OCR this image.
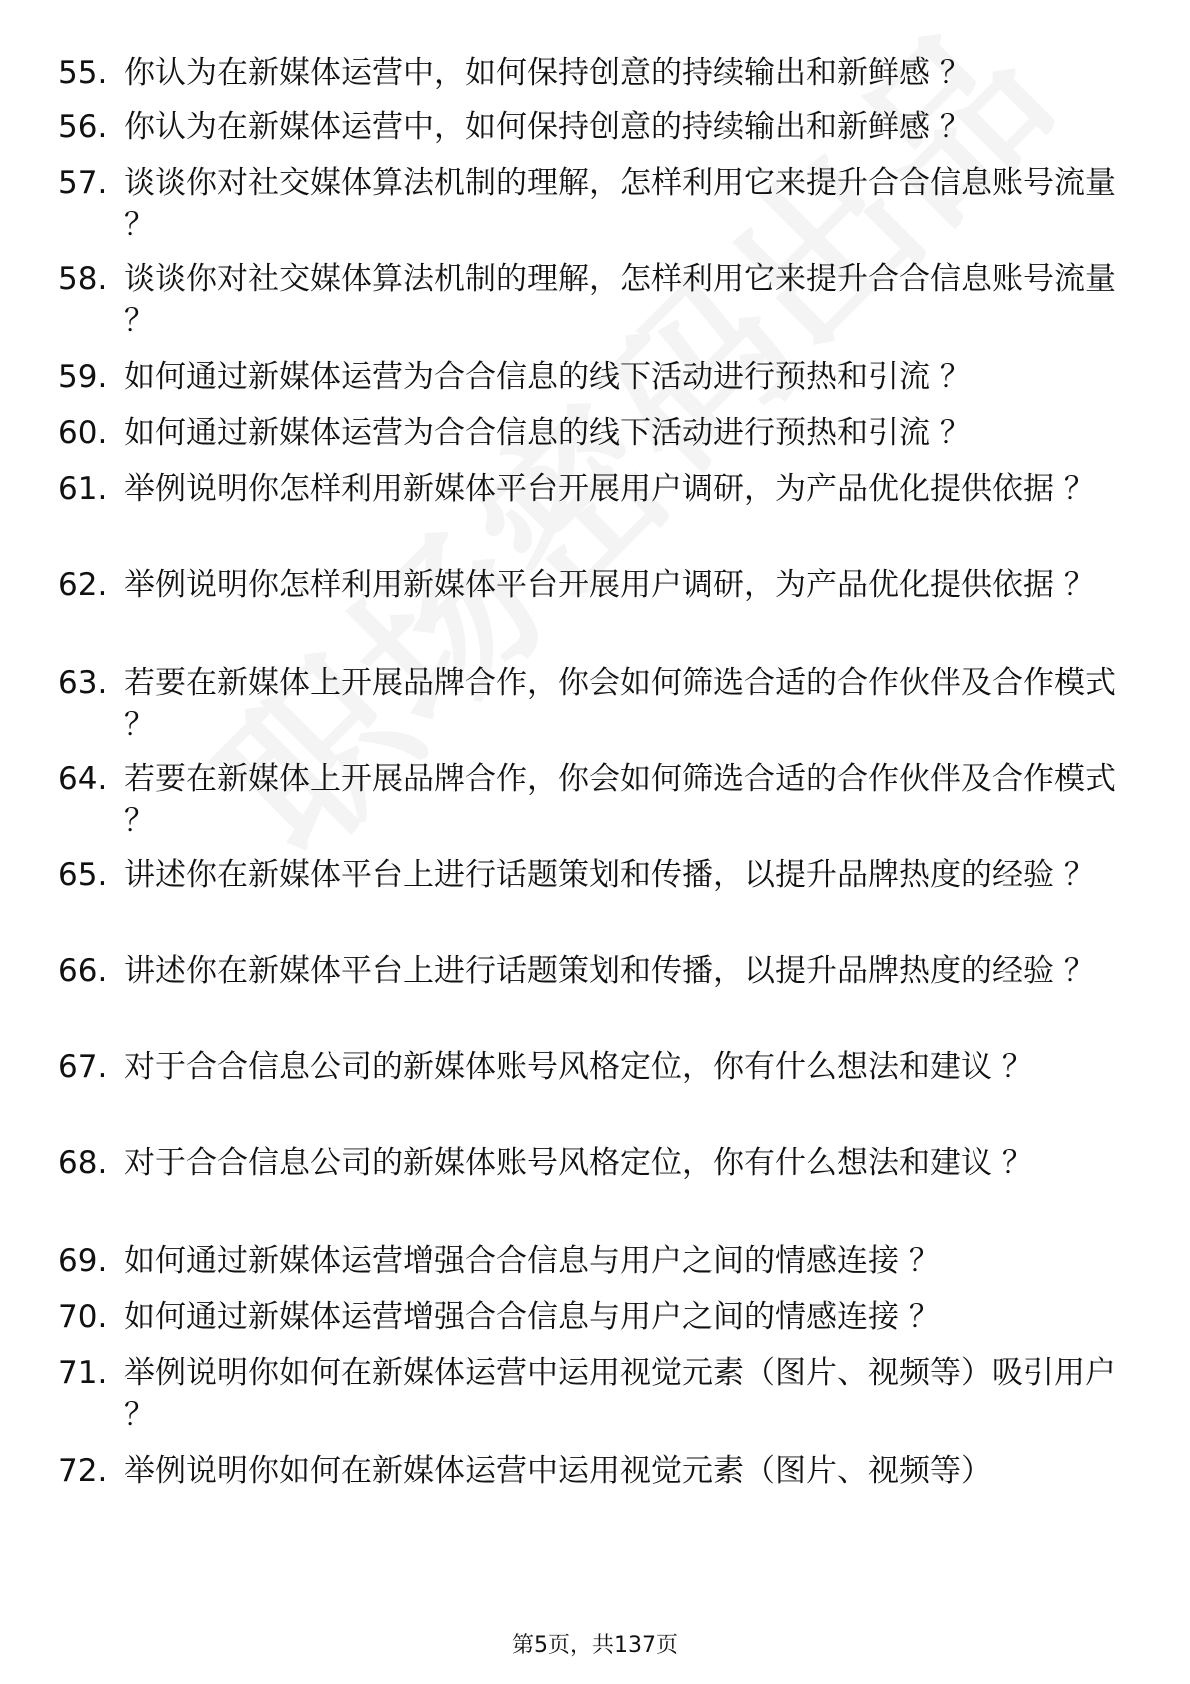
55. 你认为在新媒体运营中，如何保持创意的持续输出和新鲜感 ？
56. 你认为在新媒体运营中，如何保持创意的持续输出和新鲜感 ？
57. 谈谈你对社交媒体算法机制的理解，怎样利用它来提升合合信息账号流量 ？
58. 谈谈你对社交媒体算法机制的理解，怎样利用它来提升合合信息账号流量 ？
59. 如何通过新媒体运营为合合信息的线下活动进行预热和引流 ？
60. 如何通过新媒体运营为合合信息的线下活动进行预热和引流 ？
61. 举例说明你怎样利用新媒体平台开展用户调研，为产品优化提供依据 ？
62. 举例说明你怎样利用新媒体平台开展用户调研，为产品优化提供依据 ？
63. 若要在新媒体上开展品牌合作，你会如何筛选合适的合作伙伴及合作模式 ？
64. 若要在新媒体上开展品牌合作，你会如何筛选合适的合作伙伴及合作模式 ？
65. 讲述你在新媒体平台上进行话题策划和传播，以提升品牌热度的经验 ？
66. 讲述你在新媒体平台上进行话题策划和传播，以提升品牌热度的经验 ？
67. 对于合合信息公司的新媒体账号风格定位，你有什么想法和建议 ？
68. 对于合合信息公司的新媒体账号风格定位，你有什么想法和建议 ？
69. 如何通过新媒体运营增强合合信息与用户之间的情感连接 ？
70. 如何通过新媒体运营增强合合信息与用户之间的情感连接 ？
71. 举例说明你如何在新媒体运营中运用视觉元素（图片、视频等）吸引用户 ？
72. 举例说明你如何在新媒体运营中运用视觉元素（图片、视频等）
第5页，共137页
